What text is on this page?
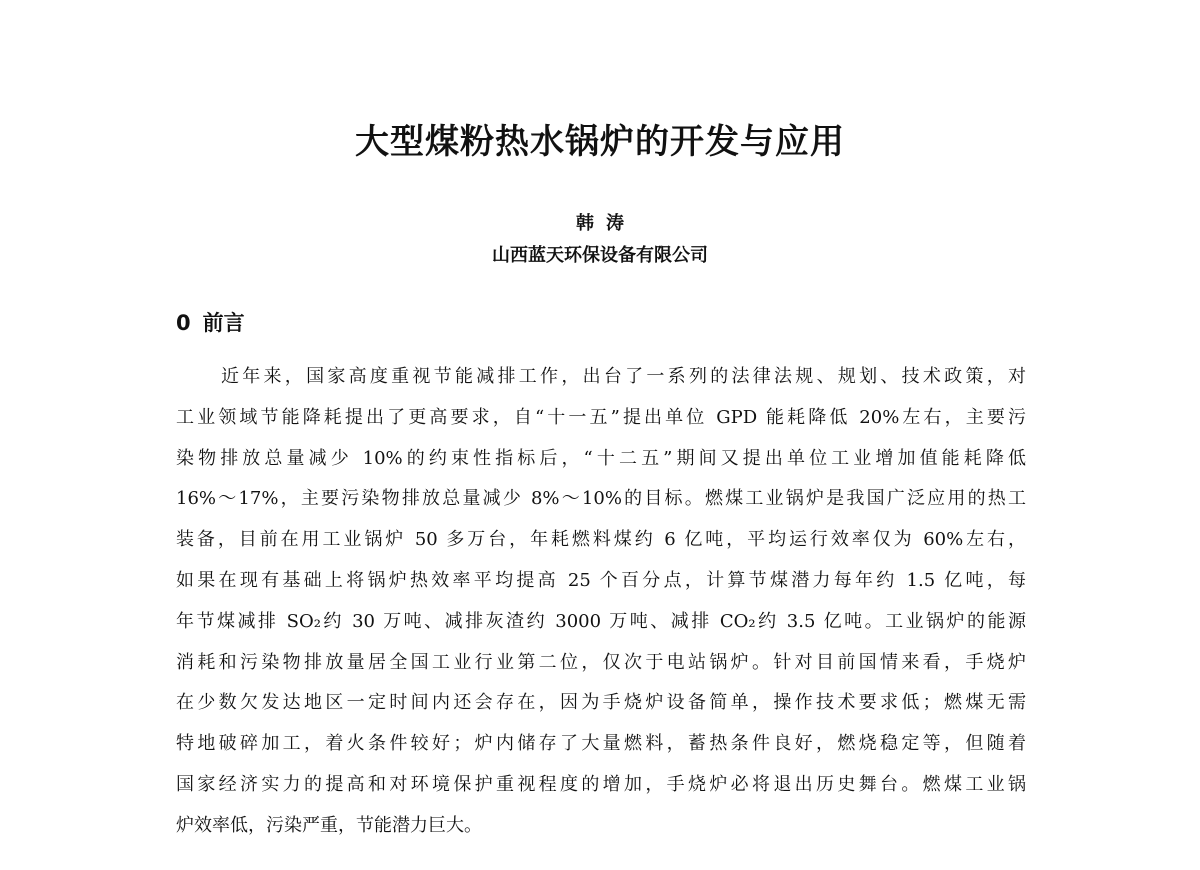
大型煤粉热水锅炉的开发与应用
韩涛
山西蓝天环保设备有限公司
0 前言
近年来，国家高度重视节能减排工作，出台了一系列的法律法规、规划、技术政策，对
工业领域节能降耗提出了更高要求，自“十一五”提出单位 GPD 能耗降低 20%左右，主要污
染物排放总量减少 10%的约束性指标后，“十二五”期间又提出单位工业增加值能耗降低
16%～17%，主要污染物排放总量减少 8%～10%的目标。燃煤工业锅炉是我国广泛应用的热工
装备，目前在用工业锅炉 50 多万台，年耗燃料煤约 6 亿吨，平均运行效率仅为 60%左右，
如果在现有基础上将锅炉热效率平均提高 25 个百分点，计算节煤潜力每年约 1.5 亿吨，每
年节煤减排 SO₂约 30 万吨、减排灰渣约 3000 万吨、减排 CO₂约 3.5 亿吨。工业锅炉的能源
消耗和污染物排放量居全国工业行业第二位，仅次于电站锅炉。针对目前国情来看，手烧炉
在少数欠发达地区一定时间内还会存在，因为手烧炉设备简单，操作技术要求低；燃煤无需
特地破碎加工，着火条件较好；炉内储存了大量燃料，蓄热条件良好，燃烧稳定等，但随着
国家经济实力的提高和对环境保护重视程度的增加，手烧炉必将退出历史舞台。燃煤工业锅
炉效率低，污染严重，节能潜力巨大。
